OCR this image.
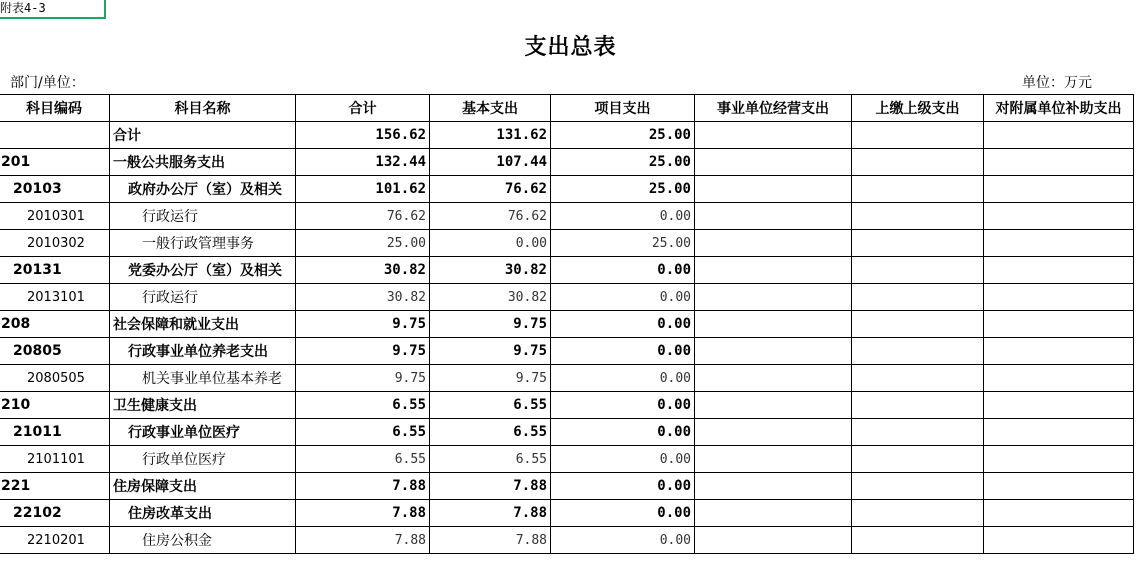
附表4-3
支出总表
部门/单位：	单位：万元
科目编码	科目名称	合计	基本支出	项目支出	事业单位经营支出	上缴上级支出	对附属单位补助支出
	合计	156.62	131.62	25.00			
201	一般公共服务支出	132.44	107.44	25.00			
20103	政府办公厅（室）及相关	101.62	76.62	25.00			
2010301	行政运行	76.62	76.62	0.00			
2010302	一般行政管理事务	25.00	0.00	25.00			
20131	党委办公厅（室）及相关	30.82	30.82	0.00			
2013101	行政运行	30.82	30.82	0.00			
208	社会保障和就业支出	9.75	9.75	0.00			
20805	行政事业单位养老支出	9.75	9.75	0.00			
2080505	机关事业单位基本养老	9.75	9.75	0.00			
210	卫生健康支出	6.55	6.55	0.00			
21011	行政事业单位医疗	6.55	6.55	0.00			
2101101	行政单位医疗	6.55	6.55	0.00			
221	住房保障支出	7.88	7.88	0.00			
22102	住房改革支出	7.88	7.88	0.00			
2210201	住房公积金	7.88	7.88	0.00			
